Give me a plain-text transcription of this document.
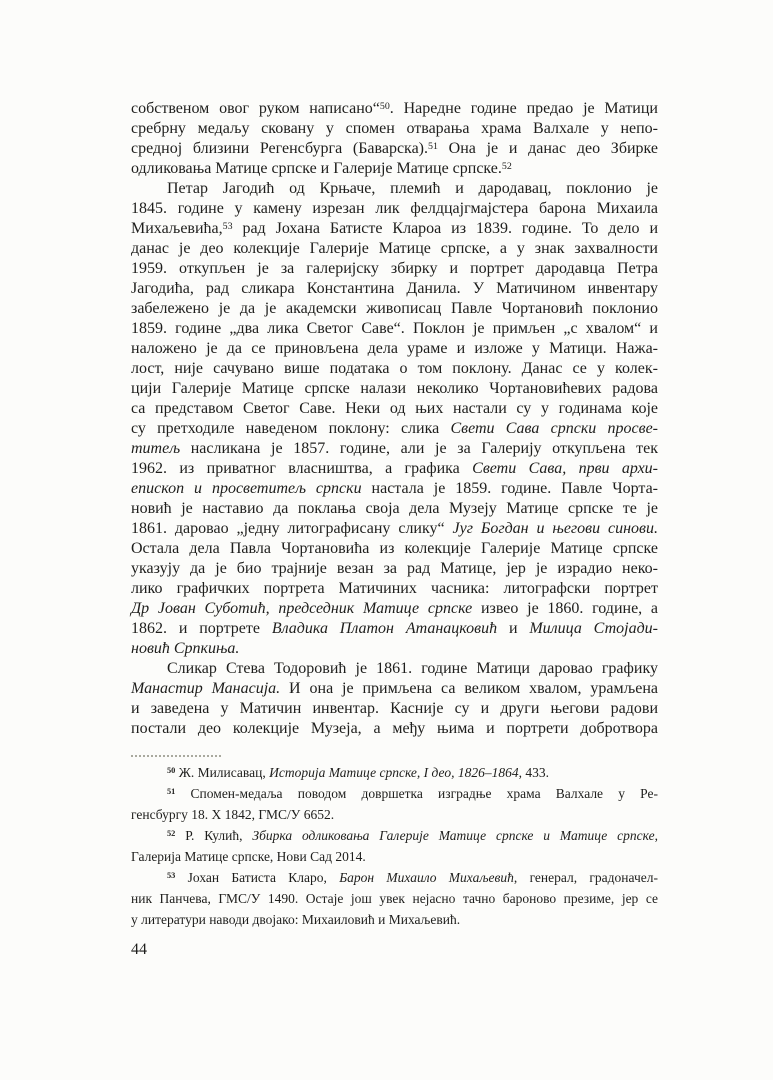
собственом овог руком написано“$^{50}$. Наредне године предао је Матици
сребрну медаљу сковану у спомен отварања храма Валхале у непо-
средној близини Регенсбурга (Баварска).$^{51}$ Она је и данас део Збирке
одликовања Матице српске и Галерије Матице српске.$^{52}$
Петар Јагодић од Крњаче, племић и дародавац, поклонио је
1845. године у камену изрезан лик фелдцајгмајстера барона Михаила
Михаљевића,$^{53}$ рад Јохана Батисте Клароа из 1839. године. То дело и
данас је део колекције Галерије Матице српске, а у знак захвалности
1959. откупљен је за галеријску збирку и портрет дародавца Петра
Јагодића, рад сликара Константина Данила. У Матичином инвентару
забележено је да је академски живописац Павле Чортановић поклонио
1859. године „два лика Светог Саве“. Поклон је примљен „с хвалом“ и
наложено је да се приновљена дела ураме и изложе у Матици. Нажа-
лост, није сачувано више података о том поклону. Данас се у колек-
цији Галерије Матице српске налази неколико Чортановићевих радова
са представом Светог Саве. Неки од њих настали су у годинама које
су претходиле наведеном поклону: слика Свети Сава српски просве-
титељ насликана је 1857. године, али је за Галерију откупљена тек
1962. из приватног власништва, а графика Свети Сава, први архи-
епископ и просветитељ српски настала је 1859. године. Павле Чорта-
новић је наставио да поклања своја дела Музеју Матице српске те је
1861. даровао „једну литографисану слику“ Југ Богдан и његови синови.
Остала дела Павла Чортановића из колекције Галерије Матице српске
указују да је био трајније везан за рад Матице, јер је израдио неко-
лико графичких портрета Матичиних часника: литографски портрет
Др Јован Суботић, председник Матице српске извео је 1860. године, а
1862. и портрете Владика Платон Атанацковић и Милица Стојади-
новић Српкиња.
Сликар Стева Тодоровић је 1861. године Матици даровао графику
Манастир Манасија. И она је примљена са великом хвалом, урамљена
и заведена у Матичин инвентар. Касније су и други његови радови
постали део колекције Музеја, а међу њима и портрети добротвора
$^{50}$ Ж. Милисавац, Историја Матице српске, I део, 1826–1864, 433.
$^{51}$ Спомен-медаља поводом довршетка изградње храма Валхале у Ре-
генсбургу 18. X 1842, ГМС/У 6652.
$^{52}$ Р. Кулић, Збирка одликовања Галерије Матице српске и Матице српске,
Галерија Матице српске, Нови Сад 2014.
$^{53}$ Јохан Батиста Кларо, Барон Михаило Михаљевић, генерал, градоначел-
ник Панчева, ГМС/У 1490. Остаје још увек нејасно тачно бароново презиме, јер се
у литератури наводи двојако: Михаиловић и Михаљевић.
44
